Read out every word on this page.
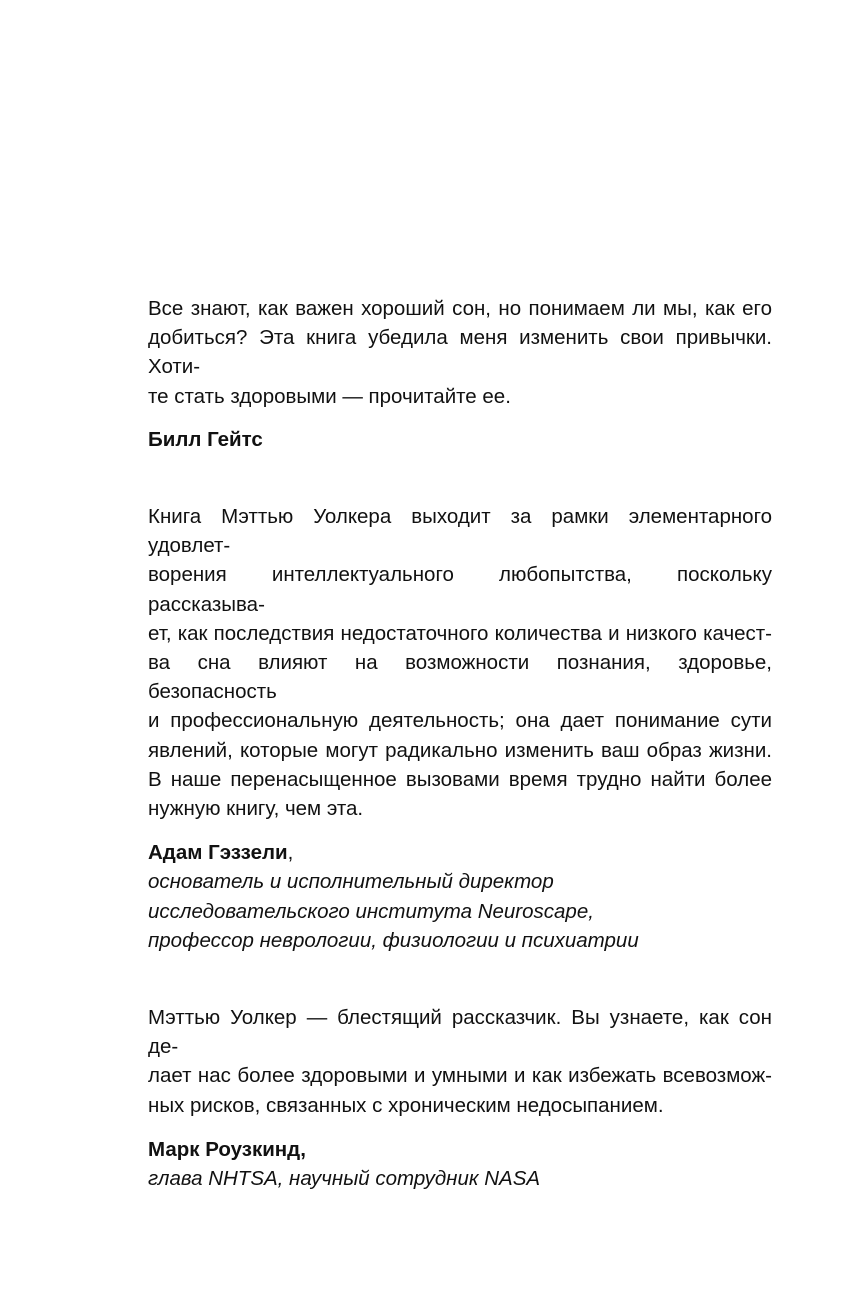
Все знают, как важен хороший сон, но понимаем ли мы, как его
добиться? Эта книга убедила меня изменить свои привычки. Хоти-
те стать здоровыми — прочитайте ее.

Билл Гейтс

Книга Мэттью Уолкера выходит за рамки элементарного удовлет-
ворения интеллектуального любопытства, поскольку рассказыва-
ет, как последствия недостаточного количества и низкого качест-
ва сна влияют на возможности познания, здоровье, безопасность
и профессиональную деятельность; она дает понимание сути
явлений, которые могут радикально изменить ваш образ жизни.
В наше перенасыщенное вызовами время трудно найти более
нужную книгу, чем эта.

Адам Гэззели,

основатель и исполнительный директор

исследовательского института Neuroscape,

профессор неврологии, физиологии и психиатрии

Мэттью Уолкер — блестящий рассказчик. Вы узнаете, как сон де-
лает нас более здоровыми и умными и как избежать всевозмож-
ных рисков, связанных с хроническим недосыпанием.

Марк Роузкинд,

глава NHTSA, научный сотрудник NASA
